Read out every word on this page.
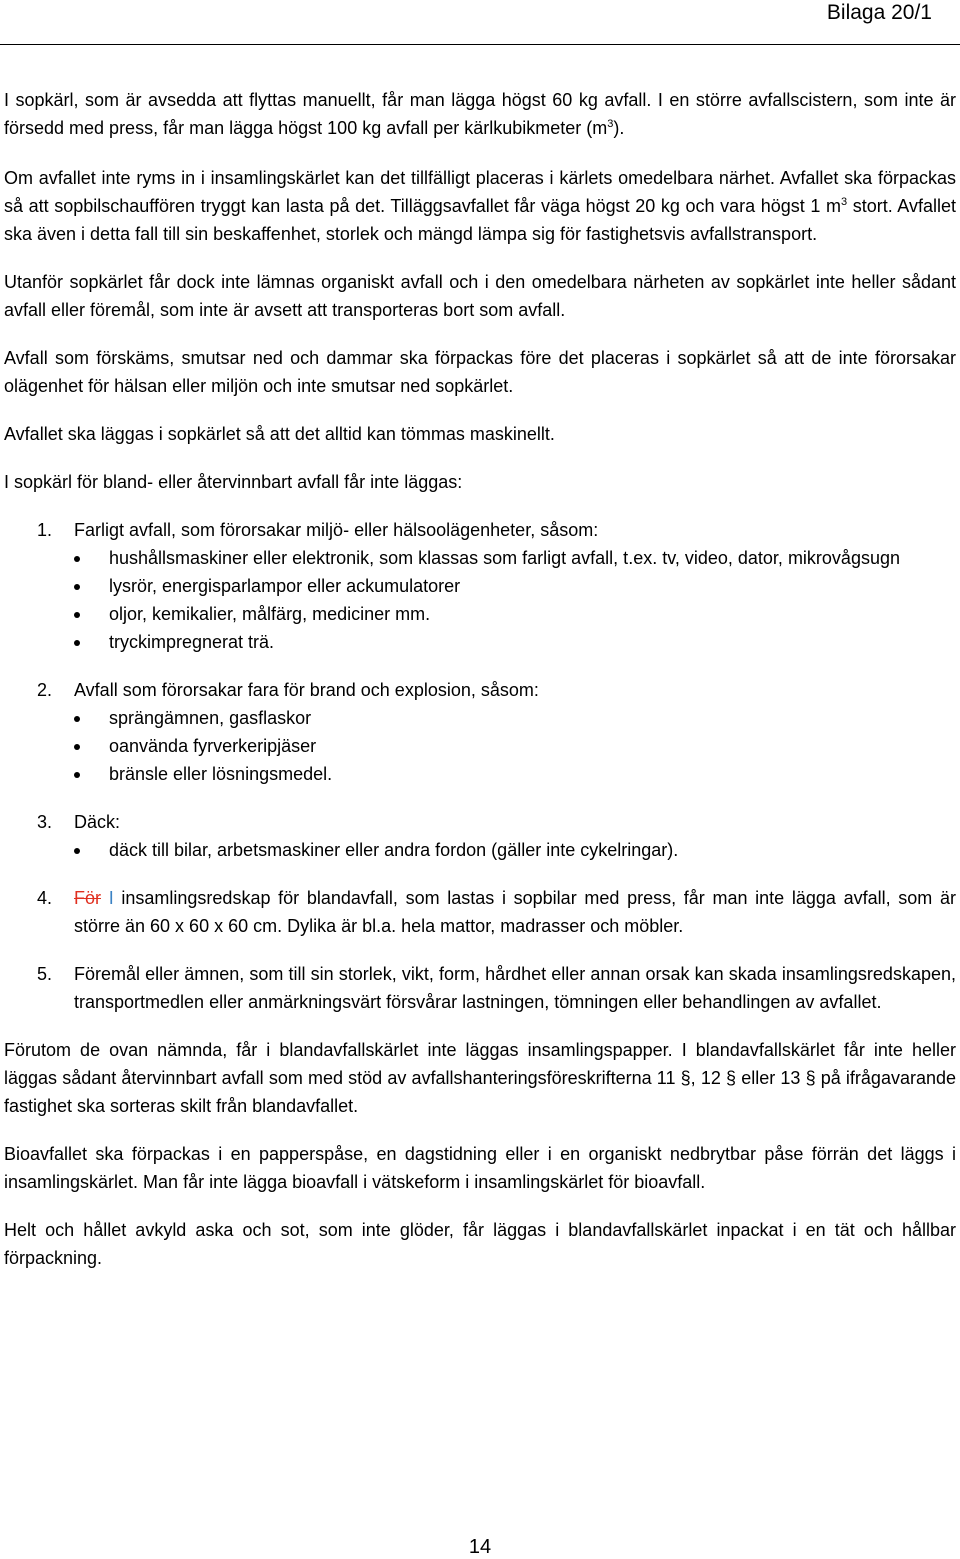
Bilaga 20/1

I sopkärl, som är avsedda att flyttas manuellt, får man lägga högst 60 kg avfall. I en större avfallscistern, som inte är försedd med press, får man lägga högst 100 kg avfall per kärlkubikmeter $(m^3)$.

Om avfallet inte ryms in i insamlingskärlet kan det tillfälligt placeras i kärlets omedelbara närhet. Avfallet ska förpackas så att sopbilschauffören tryggt kan lasta på det. Tilläggsavfallet får väga högst 20 kg och vara högst 1 $m^3$ stort. Avfallet ska även i detta fall till sin beskaffenhet, storlek och mängd lämpa sig för fastighetsvis avfallstransport.

Utanför sopkärlet får dock inte lämnas organiskt avfall och i den omedelbara närheten av sopkärlet inte heller sådant avfall eller föremål, som inte är avsett att transporteras bort som avfall.

Avfall som förskäms, smutsar ned och dammar ska förpackas före det placeras i sopkärlet så att de inte förorsakar olägenhet för hälsan eller miljön och inte smutsar ned sopkärlet.

Avfallet ska läggas i sopkärlet så att det alltid kan tömmas maskinellt.

I sopkärl för bland- eller återvinnbart avfall får inte läggas:

1. Farligt avfall, som förorsakar miljö- eller hälsoolägenheter, såsom:
hushållsmaskiner eller elektronik, som klassas som farligt avfall, t.ex. tv, video, dator, mikrovågsugn
lysrör, energisparlampor eller ackumulatorer
oljor, kemikalier, målfärg, mediciner mm.
tryckimpregnerat trä.
2. Avfall som förorsakar fara för brand och explosion, såsom:
sprängämnen, gasflaskor
oanvända fyrverkeripjäser
bränsle eller lösningsmedel.
3. Däck:
däck till bilar, arbetsmaskiner eller andra fordon (gäller inte cykelringar).
4. För I insamlingsredskap för blandavfall, som lastas i sopbilar med press, får man inte lägga avfall, som är större än 60 x 60 x 60 cm. Dylika är bl.a. hela mattor, madrasser och möbler.
5. Föremål eller ämnen, som till sin storlek, vikt, form, hårdhet eller annan orsak kan skada insamlingsredskapen, transportmedlen eller anmärkningsvärt försvårar lastningen, tömningen eller behandlingen av avfallet.

Förutom de ovan nämnda, får i blandavfallskärlet inte läggas insamlingspapper. I blandavfallskärlet får inte heller läggas sådant återvinnbart avfall som med stöd av avfallshanteringsföreskrifterna 11 §, 12 § eller 13 § på ifrågavarande fastighet ska sorteras skilt från blandavfallet.

Bioavfallet ska förpackas i en papperspåse, en dagstidning eller i en organiskt nedbrytbar påse förrän det läggs i insamlingskärlet. Man får inte lägga bioavfall i vätskeform i insamlingskärlet för bioavfall.

Helt och hållet avkyld aska och sot, som inte glöder, får läggas i blandavfallskärlet inpackat i en tät och hållbar förpackning.

14
